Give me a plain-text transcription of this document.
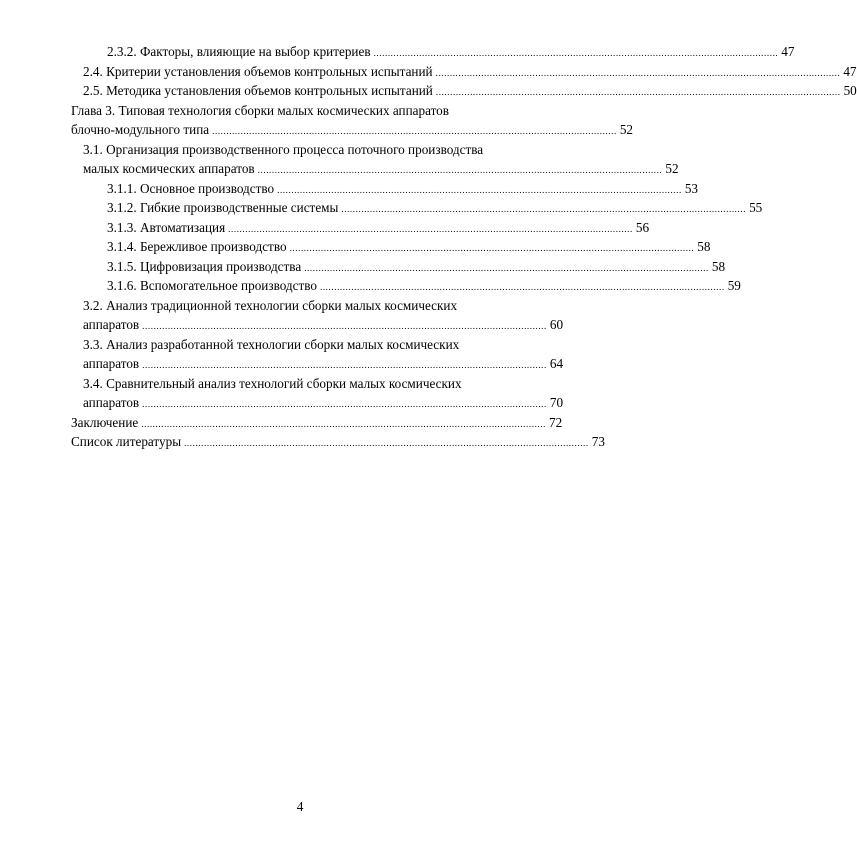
2.3.2. Факторы, влияющие на выбор критериев .............................................................................................................................................. 47
2.4. Критерии установления объемов контрольных испытаний .............................................................................................................................................. 47
2.5. Методика установления объемов контрольных испытаний .............................................................................................................................................. 50
Глава 3. Типовая технология сборки малых космических аппаратов
блочно-модульного типа .............................................................................................................................................. 52
3.1. Организация производственного процесса поточного производства
малых космических аппаратов .............................................................................................................................................. 52
3.1.1. Основное производство .............................................................................................................................................. 53
3.1.2. Гибкие производственные системы .............................................................................................................................................. 55
3.1.3. Автоматизация .............................................................................................................................................. 56
3.1.4. Бережливое производство .............................................................................................................................................. 58
3.1.5. Цифровизация производства .............................................................................................................................................. 58
3.1.6. Вспомогательное производство .............................................................................................................................................. 59
3.2. Анализ традиционной технологии сборки малых космических
аппаратов .............................................................................................................................................. 60
3.3. Анализ разработанной технологии сборки малых космических
аппаратов .............................................................................................................................................. 64
3.4. Сравнительный анализ технологий сборки малых космических
аппаратов .............................................................................................................................................. 70
Заключение .............................................................................................................................................. 72
Список литературы .............................................................................................................................................. 73
4
